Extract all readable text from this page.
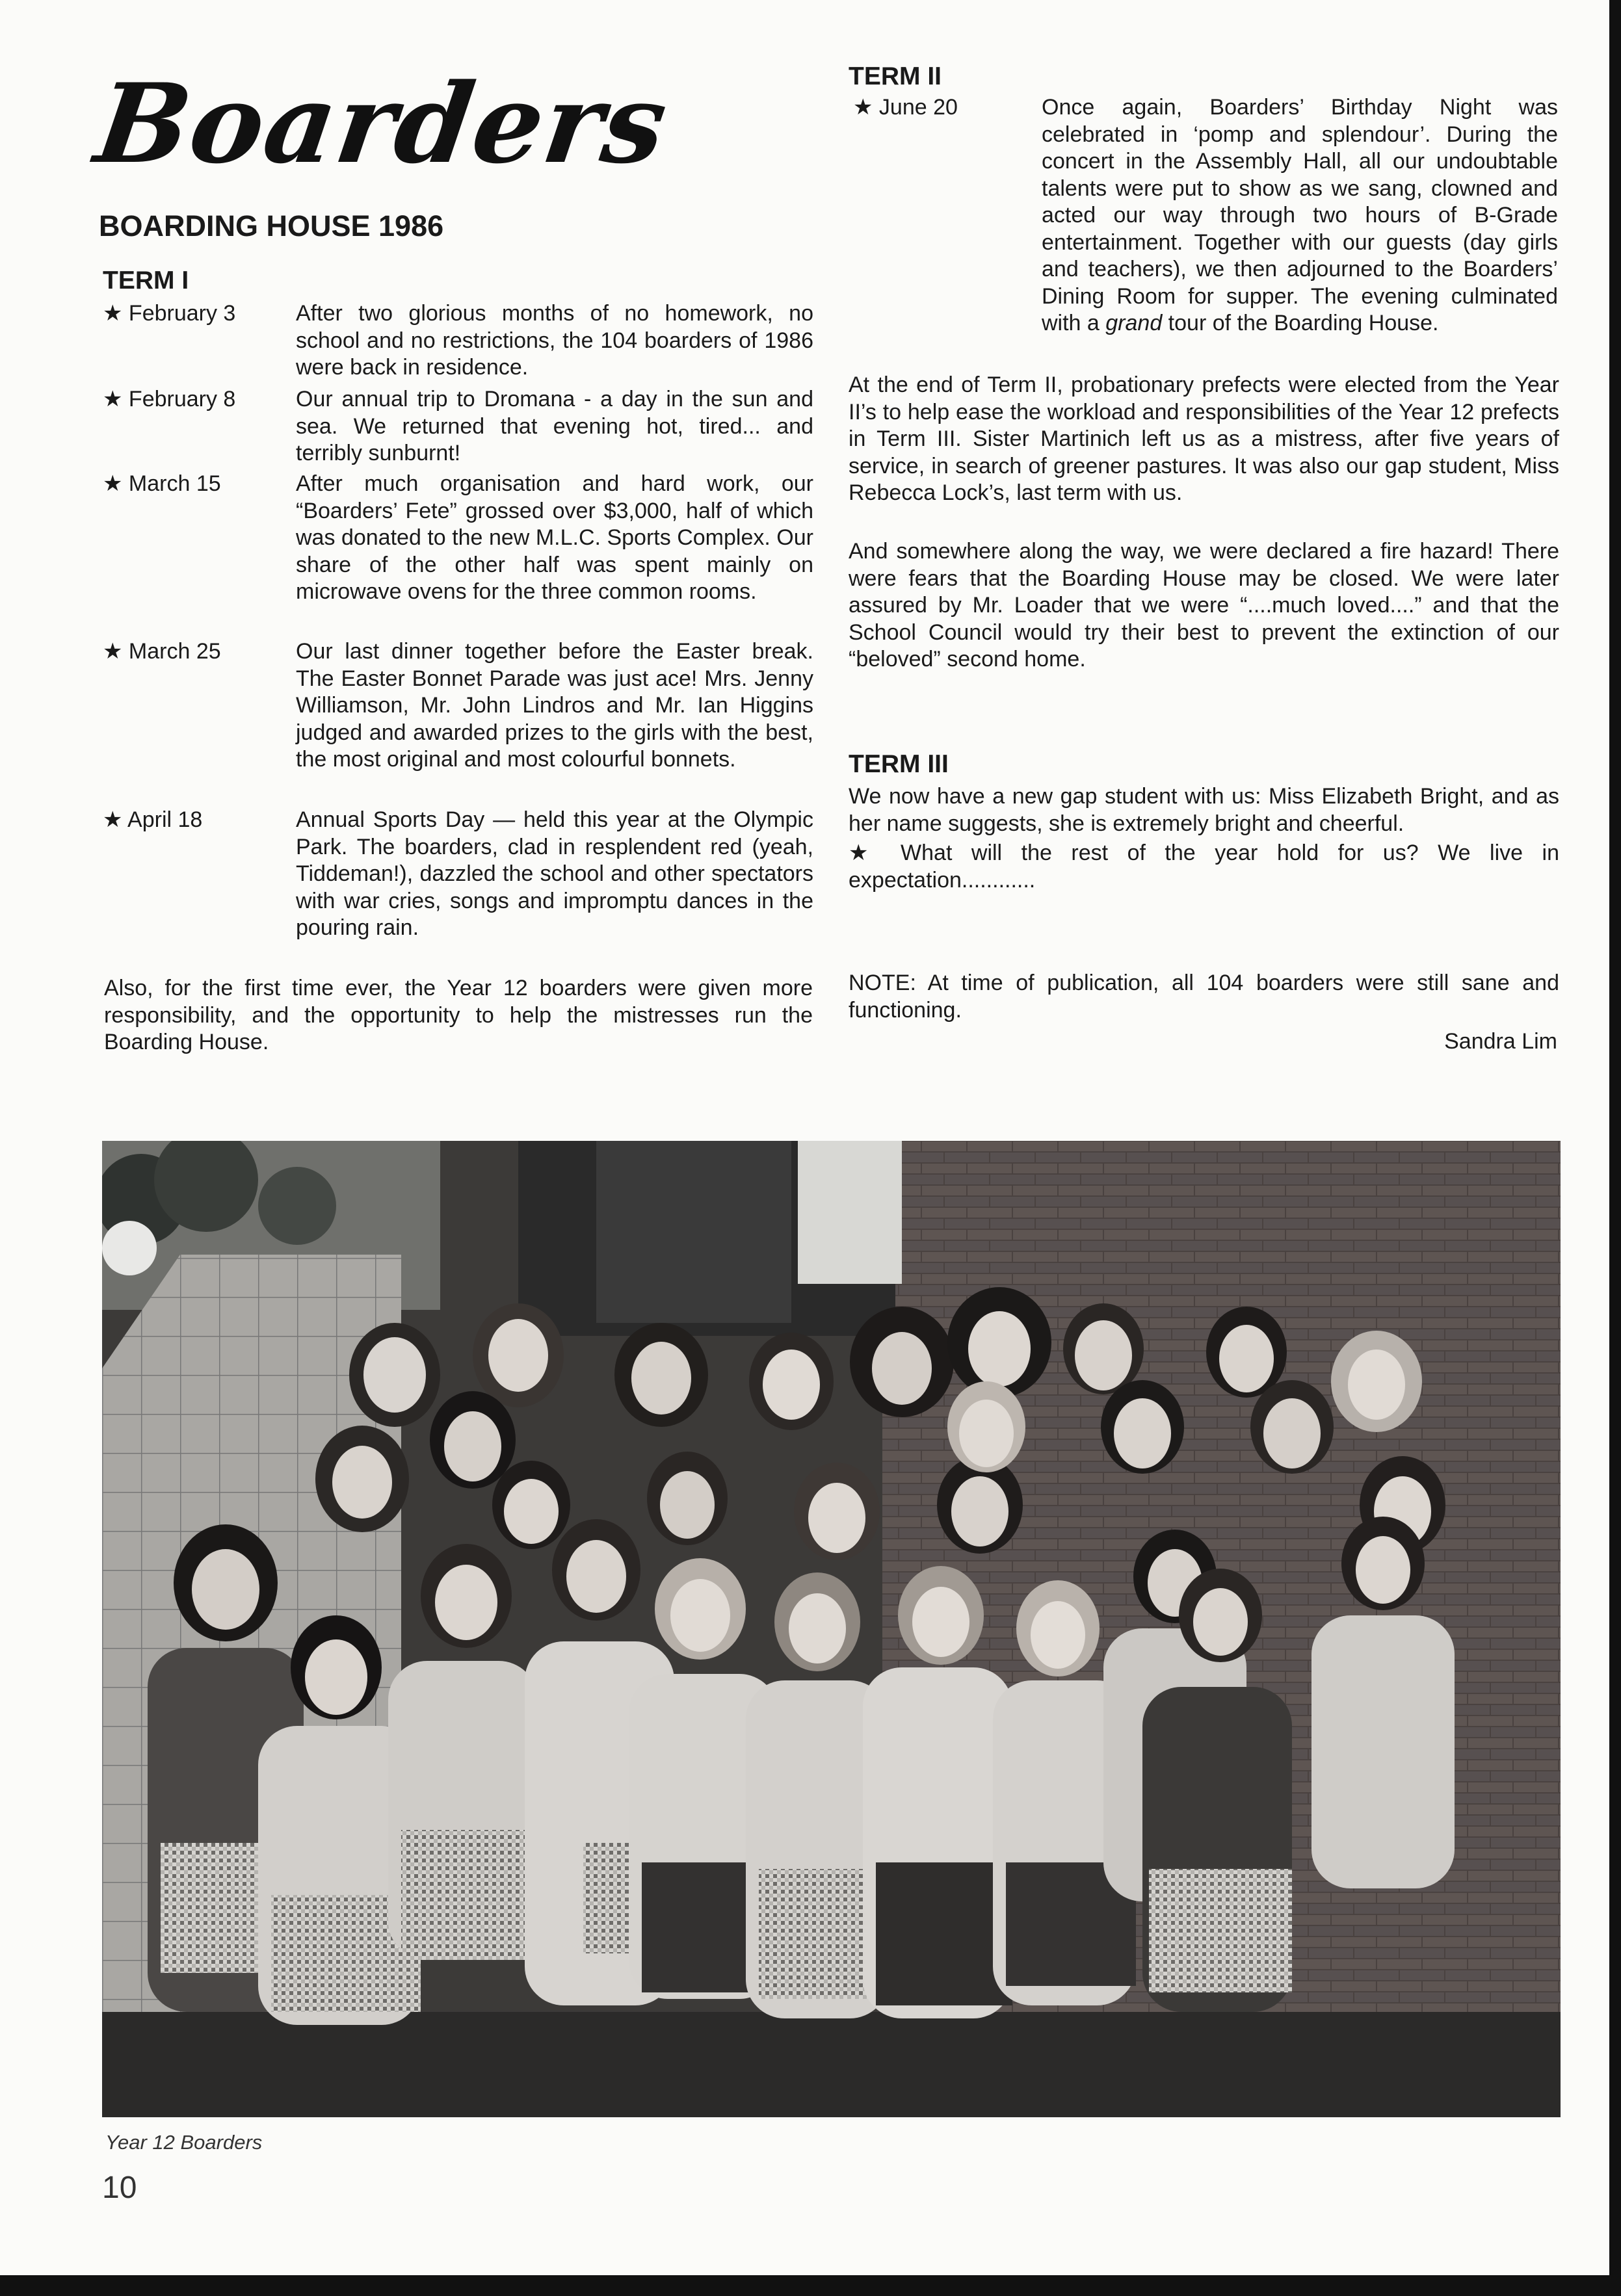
Boarders
BOARDING HOUSE 1986
TERM I
★ February 3	After two glorious months of no homework, no school and no restrictions, the 104 boarders of 1986 were back in residence.
★ February 8	Our annual trip to Dromana - a day in the sun and sea. We returned that evening hot, tired... and terribly sunburnt!
★ March 15	After much organisation and hard work, our “Boarders’ Fete” grossed over $3,000, half of which was donated to the new M.L.C. Sports Complex. Our share of the other half was spent mainly on microwave ovens for the three common rooms.
★ March 25	Our last dinner together before the Easter break. The Easter Bonnet Parade was just ace! Mrs. Jenny Williamson, Mr. John Lindros and Mr. Ian Higgins judged and awarded prizes to the girls with the best, the most original and most colourful bonnets.
★ April 18	Annual Sports Day — held this year at the Olympic Park. The boarders, clad in resplendent red (yeah, Tiddeman!), dazzled the school and other spectators with war cries, songs and impromptu dances in the pouring rain.
Also, for the first time ever, the Year 12 boarders were given more responsibility, and the opportunity to help the mistresses run the Boarding House.
TERM II
★ June 20	Once again, Boarders’ Birthday Night was celebrated in ‘pomp and splendour’. During the concert in the Assembly Hall, all our undoubtable talents were put to show as we sang, clowned and acted our way through two hours of B-Grade entertainment. Together with our guests (day girls and teachers), we then adjourned to the Boarders’ Dining Room for supper. The evening culminated with a grand tour of the Boarding House.
At the end of Term II, probationary prefects were elected from the Year II’s to help ease the workload and responsibilities of the Year 12 prefects in Term III. Sister Martinich left us as a mistress, after five years of service, in search of greener pastures. It was also our gap student, Miss Rebecca Lock’s, last term with us.
And somewhere along the way, we were declared a fire hazard! There were fears that the Boarding House may be closed. We were later assured by Mr. Loader that we were “....much loved....” and that the School Council would try their best to prevent the extinction of our “beloved” second home.
TERM III
We now have a new gap student with us: Miss Elizabeth Bright, and as her name suggests, she is extremely bright and cheerful.
★ What will the rest of the year hold for us? We live in expectation............
NOTE: At time of publication, all 104 boarders were still sane and functioning.
Sandra Lim
Year 12 Boarders
10
